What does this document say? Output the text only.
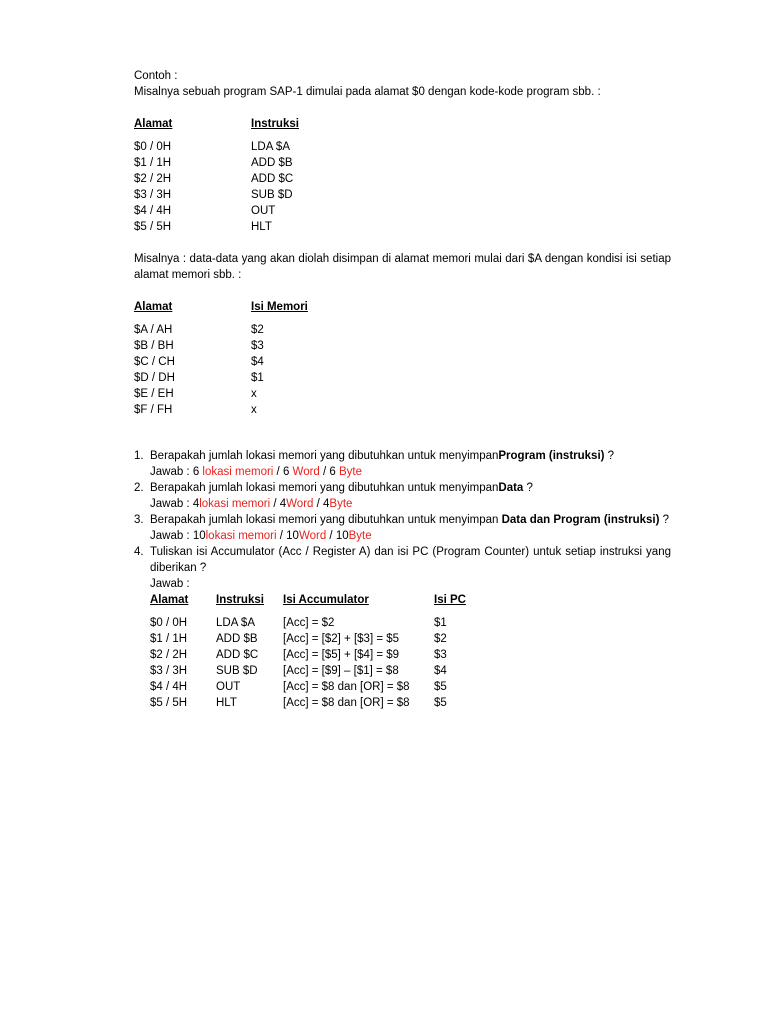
Contoh :
Misalnya sebuah program SAP-1 dimulai pada alamat $0 dengan kode-kode program sbb. :
Alamat	Instruksi
$0 / 0H	LDA $A
$1 / 1H	ADD $B
$2 / 2H	ADD $C
$3 / 3H	SUB $D
$4 / 4H	OUT
$5 / 5H	HLT
Misalnya : data-data yang akan diolah disimpan di alamat memori mulai dari $A dengan kondisi isi setiap alamat memori sbb. :
Alamat	Isi Memori
$A / AH	$2
$B / BH	$3
$C / CH	$4
$D / DH	$1
$E / EH	x
$F / FH	x
1. Berapakah jumlah lokasi memori yang dibutuhkan untuk menyimpanProgram (instruksi) ?
Jawab : 6 lokasi memori / 6 Word / 6 Byte
2. Berapakah jumlah lokasi memori yang dibutuhkan untuk menyimpanData ?
Jawab : 4lokasi memori / 4Word / 4Byte
3. Berapakah jumlah lokasi memori yang dibutuhkan untuk menyimpan Data dan Program (instruksi) ?
Jawab : 10lokasi memori / 10Word / 10Byte
4. Tuliskan isi Accumulator (Acc / Register A) dan isi PC (Program Counter) untuk setiap instruksi yang diberikan ?
Jawab :
Alamat	Instruksi	Isi Accumulator	Isi PC
$0 / 0H	LDA $A	[Acc] = $2	$1
$1 / 1H	ADD $B	[Acc] = [$2] + [$3] = $5	$2
$2 / 2H	ADD $C	[Acc] = [$5] + [$4] = $9	$3
$3 / 3H	SUB $D	[Acc] = [$9] – [$1] = $8	$4
$4 / 4H	OUT	[Acc] = $8 dan [OR] = $8	$5
$5 / 5H	HLT	[Acc] = $8 dan [OR] = $8	$5
